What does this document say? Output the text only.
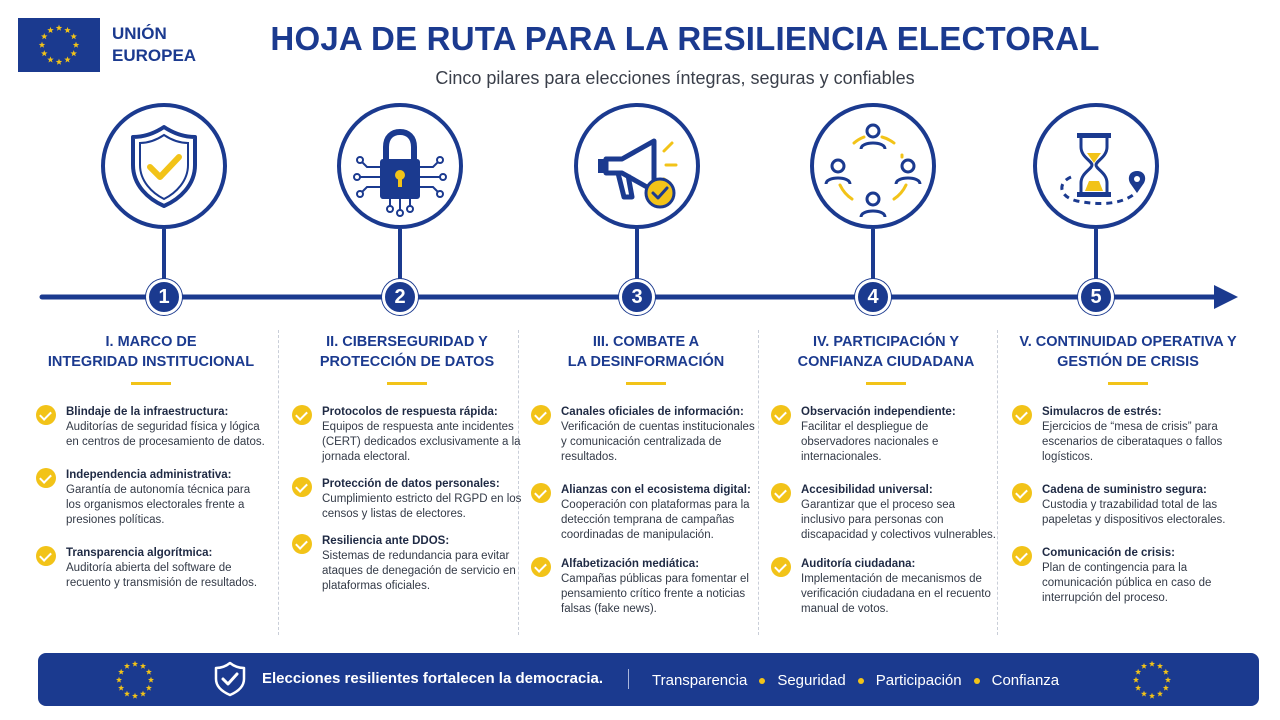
UNIÓN
EUROPEA	HOJA DE RUTA PARA LA RESILIENCIA ELECTORAL
Cinco pilares para elecciones íntegras, seguras y confiables
1	2	3	4	5
I. MARCO DE
INTEGRIDAD INSTITUCIONAL
Blindaje de la infraestructura:
Auditorías de seguridad física y lógica en centros de procesamiento de datos.
Independencia administrativa:
Garantía de autonomía técnica para los organismos electorales frente a presiones políticas.
Transparencia algorítmica:
Auditoría abierta del software de recuento y transmisión de resultados.
II. CIBERSEGURIDAD Y
PROTECCIÓN DE DATOS
Protocolos de respuesta rápida:
Equipos de respuesta ante incidentes (CERT) dedicados exclusivamente a la jornada electoral.
Protección de datos personales:
Cumplimiento estricto del RGPD en los censos y listas de electores.
Resiliencia ante DDOS:
Sistemas de redundancia para evitar ataques de denegación de servicio en plataformas oficiales.
III. COMBATE A
LA DESINFORMACIÓN
Canales oficiales de información:
Verificación de cuentas institucionales y comunicación centralizada de resultados.
Alianzas con el ecosistema digital:
Cooperación con plataformas para la detección temprana de campañas coordinadas de manipulación.
Alfabetización mediática:
Campañas públicas para fomentar el pensamiento crítico frente a noticias falsas (fake news).
IV. PARTICIPACIÓN Y
CONFIANZA CIUDADANA
Observación independiente:
Facilitar el despliegue de observadores nacionales e internacionales.
Accesibilidad universal:
Garantizar que el proceso sea inclusivo para personas con discapacidad y colectivos vulnerables.
Auditoría ciudadana:
Implementación de mecanismos de verificación ciudadana en el recuento manual de votos.
V. CONTINUIDAD OPERATIVA Y
GESTIÓN DE CRISIS
Simulacros de estrés:
Ejercicios de “mesa de crisis” para escenarios de ciberataques o fallos logísticos.
Cadena de suministro segura:
Custodia y trazabilidad total de las papeletas y dispositivos electorales.
Comunicación de crisis:
Plan de contingencia para la comunicación pública en caso de interrupción del proceso.
Elecciones resilientes fortalecen la democracia.	Transparencia Seguridad Participación Confianza
